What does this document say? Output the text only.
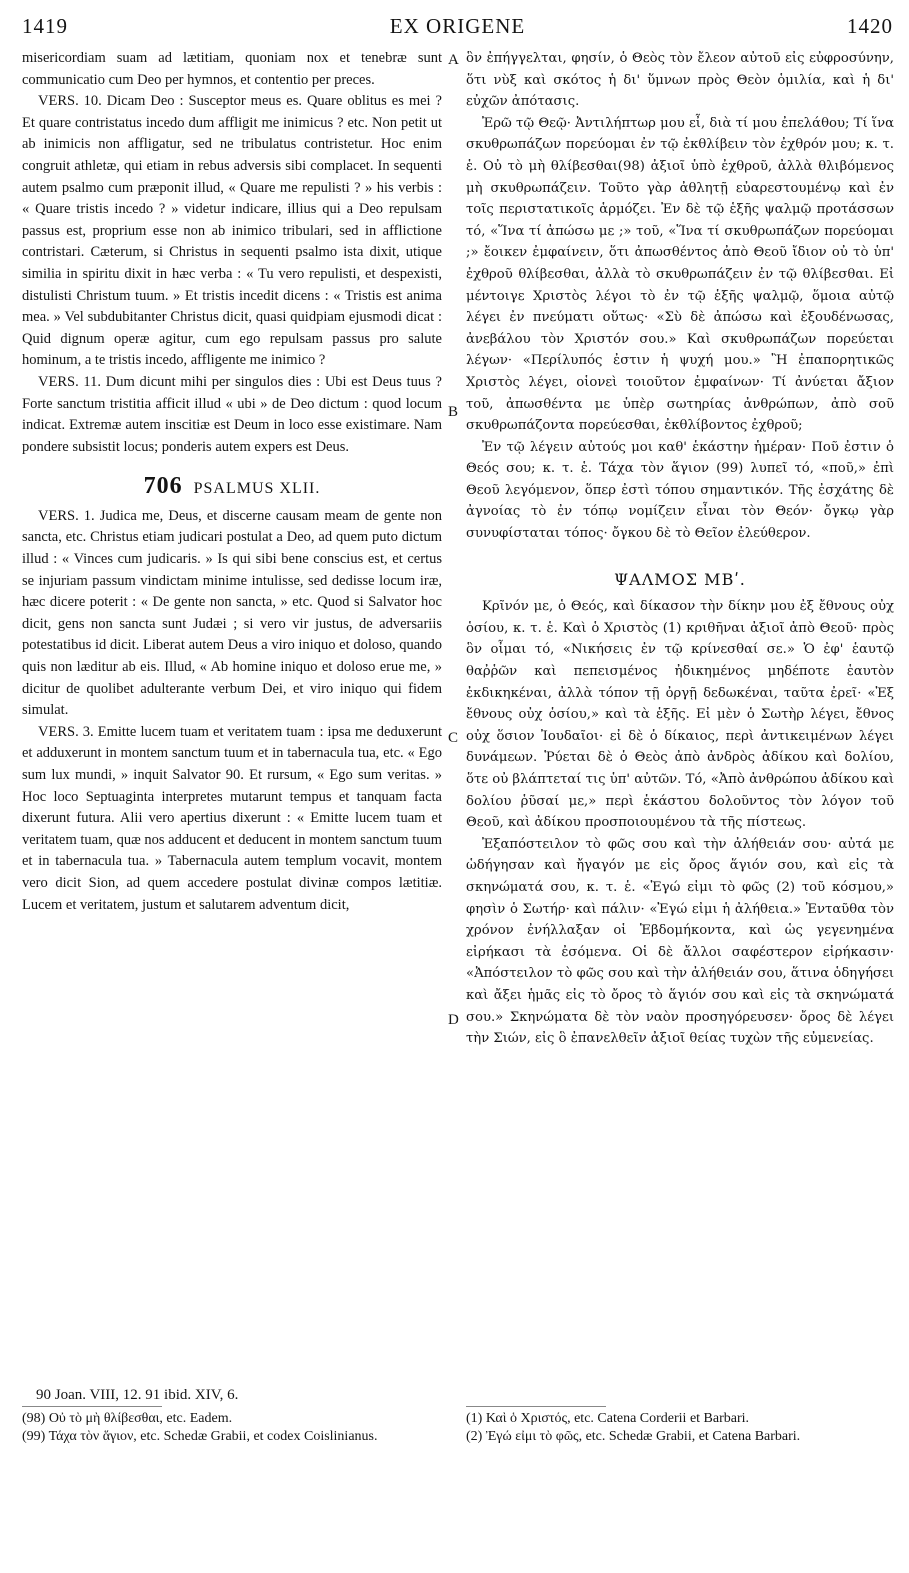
1419	EX ORIGENE	1420
A
B
C
D

misericordiam suam ad lætitiam, quoniam nox et tenebræ sunt communicatio cum Deo per hymnos, et contentio per preces.

VERS. 10. Dicam Deo : Susceptor meus es. Quare oblitus es mei ? Et quare contristatus incedo dum affligit me inimicus ? etc. Non petit ut ab inimicis non affligatur, sed ne tribulatus contristetur. Hoc enim congruit athletæ, qui etiam in rebus adversis sibi complacet. In sequenti autem psalmo cum præponit illud, « Quare me repulisti ? » his verbis : « Quare tristis incedo ? » videtur indicare, illius qui a Deo repulsam passus est, proprium esse non ab inimico tribulari, sed in afflictione contristari. Cæterum, si Christus in sequenti psalmo ista dixit, utique similia in spiritu dixit in hæc verba : « Tu vero repulisti, et despexisti, distulisti Christum tuum. » Et tristis incedit dicens : « Tristis est anima mea. » Vel subdubitanter Christus dicit, quasi quidpiam ejusmodi dicat : Quid dignum operæ agitur, cum ego repulsam passus pro salute hominum, a te tristis incedo, affligente me inimico ?

VERS. 11. Dum dicunt mihi per singulos dies : Ubi est Deus tuus ? Forte sanctum tristitia afficit illud « ubi » de Deo dictum : quod locum indicat. Extremæ autem inscitiæ est Deum in loco esse existimare. Nam pondere subsistit locus; ponderis autem expers est Deus.

706 PSALMUS XLII.

VERS. 1. Judica me, Deus, et discerne causam meam de gente non sancta, etc. Christus etiam judicari postulat a Deo, ad quem puto dictum illud : « Vinces cum judicaris. » Is qui sibi bene conscius est, et certus se injuriam passum vindictam minime intulisse, sed dedisse locum iræ, hæc dicere poterit : « De gente non sancta, » etc. Quod si Salvator hoc dicit, gens non sancta sunt Judæi ; si vero vir justus, de adversariis potestatibus id dicit. Liberat autem Deus a viro iniquo et doloso, quando quis non læditur ab eis. Illud, « Ab homine iniquo et doloso erue me, » dicitur de quolibet adulterante verbum Dei, et viro iniquo qui fidem simulat.

VERS. 3. Emitte lucem tuam et veritatem tuam : ipsa me deduxerunt et adduxerunt in montem sanctum tuum et in tabernacula tua, etc. « Ego sum lux mundi, » inquit Salvator 90. Et rursum, « Ego sum veritas. » Hoc loco Septuaginta interpretes mutarunt tempus et tanquam facta dixerunt futura. Alii vero apertius dixerunt : « Emitte lucem tuam et veritatem tuam, quæ nos adducent et deducent in montem sanctum tuum et in tabernacula tua. » Tabernacula autem templum vocavit, montem vero dicit Sion, ad quem accedere postulat divinæ compos lætitiæ. Lucem et veritatem, justum et salutarem adventum dicit,

ὃν ἐπήγγελται, φησίν, ὁ Θεὸς τὸν ἔλεον αὐτοῦ εἰς εὐφροσύνην, ὅτι νὺξ καὶ σκότος ἡ δι' ὕμνων πρὸς Θεὸν ὁμιλία, καὶ ἡ δι' εὐχῶν ἀπότασις.

Ἐρῶ τῷ Θεῷ· Ἀντιλήπτωρ μου εἶ, διὰ τί μου ἐπελάθου; Τί ἵνα σκυθρωπάζων πορεύομαι ἐν τῷ ἐκθλίβειν τὸν ἐχθρόν μου; κ. τ. ἑ. Οὐ τὸ μὴ θλίβεσθαι(98) ἀξιοῖ ὑπὸ ἐχθροῦ, ἀλλὰ θλιβόμενος μὴ σκυθρωπάζειν. Τοῦτο γὰρ ἀθλητῇ εὐαρεστουμένῳ καὶ ἐν τοῖς περιστατικοῖς ἁρμόζει. Ἐν δὲ τῷ ἑξῆς ψαλμῷ προτάσσων τό, «Ἵνα τί ἀπώσω με ;» τοῦ, «Ἵνα τί σκυθρωπάζων πορεύομαι ;» ἔοικεν ἐμφαίνειν, ὅτι ἀπωσθέντος ἀπὸ Θεοῦ ἴδιον οὐ τὸ ὑπ' ἐχθροῦ θλίβεσθαι, ἀλλὰ τὸ σκυθρωπάζειν ἐν τῷ θλίβεσθαι. Εἰ μέντοιγε Χριστὸς λέγοι τὸ ἐν τῷ ἑξῆς ψαλμῷ, ὅμοια αὐτῷ λέγει ἐν πνεύματι οὕτως· «Σὺ δὲ ἀπώσω καὶ ἐξουδένωσας, ἀνεβάλου τὸν Χριστόν σου.» Καὶ σκυθρωπάζων πορεύεται λέγων· «Περίλυπός ἐστιν ἡ ψυχή μου.» Ἢ ἐπαπορητικῶς Χριστὸς λέγει, οἱονεὶ τοιοῦτον ἐμφαίνων· Τί ἀνύεται ἄξιον τοῦ, ἀπωσθέντα με ὑπὲρ σωτηρίας ἀνθρώπων, ἀπὸ σοῦ σκυθρωπάζοντα πορεύεσθαι, ἐκθλίβοντος ἐχθροῦ;

Ἐν τῷ λέγειν αὐτούς μοι καθ' ἑκάστην ἡμέραν· Ποῦ ἐστιν ὁ Θεός σου; κ. τ. ἑ. Τάχα τὸν ἅγιον (99) λυπεῖ τό, «ποῦ,» ἐπὶ Θεοῦ λεγόμενον, ὅπερ ἐστὶ τόπου σημαντικόν. Τῆς ἐσχάτης δὲ ἀγνοίας τὸ ἐν τόπῳ νομίζειν εἶναι τὸν Θεόν· ὄγκῳ γὰρ συνυφίσταται τόπος· ὄγκου δὲ τὸ Θεῖον ἐλεύθερον.

ΨΑΛΜΟΣ ΜΒʹ.

Κρῖνόν με, ὁ Θεός, καὶ δίκασον τὴν δίκην μου ἐξ ἔθνους οὐχ ὁσίου, κ. τ. ἑ. Καὶ ὁ Χριστὸς (1) κριθῆναι ἀξιοῖ ἀπὸ Θεοῦ· πρὸς ὃν οἶμαι τό, «Νικήσεις ἐν τῷ κρίνεσθαί σε.» Ὁ ἐφ' ἑαυτῷ θαῤῥῶν καὶ πεπεισμένος ἠδικημένος μηδέποτε ἑαυτὸν ἐκδικηκέναι, ἀλλὰ τόπον τῇ ὀργῇ δεδωκέναι, ταῦτα ἐρεῖ· «Ἐξ ἔθνους οὐχ ὁσίου,» καὶ τὰ ἑξῆς. Εἰ μὲν ὁ Σωτὴρ λέγει, ἔθνος οὐχ ὅσιον Ἰουδαῖοι· εἰ δὲ ὁ δίκαιος, περὶ ἀντικειμένων λέγει δυνάμεων. Ῥύεται δὲ ὁ Θεὸς ἀπὸ ἀνδρὸς ἀδίκου καὶ δολίου, ὅτε οὐ βλάπτεταί τις ὑπ' αὐτῶν. Τό, «Ἀπὸ ἀνθρώπου ἀδίκου καὶ δολίου ῥῦσαί με,» περὶ ἑκάστου δολοῦντος τὸν λόγον τοῦ Θεοῦ, καὶ ἀδίκου προσποιουμένου τὰ τῆς πίστεως.

Ἐξαπόστειλον τὸ φῶς σου καὶ τὴν ἀλήθειάν σου· αὐτά με ὡδήγησαν καὶ ἤγαγόν με εἰς ὄρος ἅγιόν σου, καὶ εἰς τὰ σκηνώματά σου, κ. τ. ἑ. «Ἐγώ εἰμι τὸ φῶς (2) τοῦ κόσμου,» φησὶν ὁ Σωτήρ· καὶ πάλιν· «Ἐγώ εἰμι ἡ ἀλήθεια.» Ἐνταῦθα τὸν χρόνον ἐνήλλαξαν οἱ Ἑβδομήκοντα, καὶ ὡς γεγενημένα εἰρήκασι τὰ ἐσόμενα. Οἱ δὲ ἄλλοι σαφέστερον εἰρήκασιν· «Ἀπόστειλον τὸ φῶς σου καὶ τὴν ἀλήθειάν σου, ἅτινα ὁδηγήσει καὶ ἄξει ἡμᾶς εἰς τὸ ὄρος τὸ ἅγιόν σου καὶ εἰς τὰ σκηνώματά σου.» Σκηνώματα δὲ τὸν ναὸν προσηγόρευσεν· ὄρος δὲ λέγει τὴν Σιών, εἰς ὃ ἐπανελθεῖν ἀξιοῖ θείας τυχὼν τῆς εὐμενείας.

90 Joan. VIII, 12. 91 ibid. XIV, 6.

(98) Οὐ τὸ μὴ θλίβεσθαι, etc. Eadem.

(99) Τάχα τὸν ἅγιον, etc. Schedæ Grabii, et codex Coislinianus.

(1) Καὶ ὁ Χριστός, etc. Catena Corderii et Barbari.

(2) Ἐγώ εἰμι τὸ φῶς, etc. Schedæ Grabii, et Catena Barbari.
